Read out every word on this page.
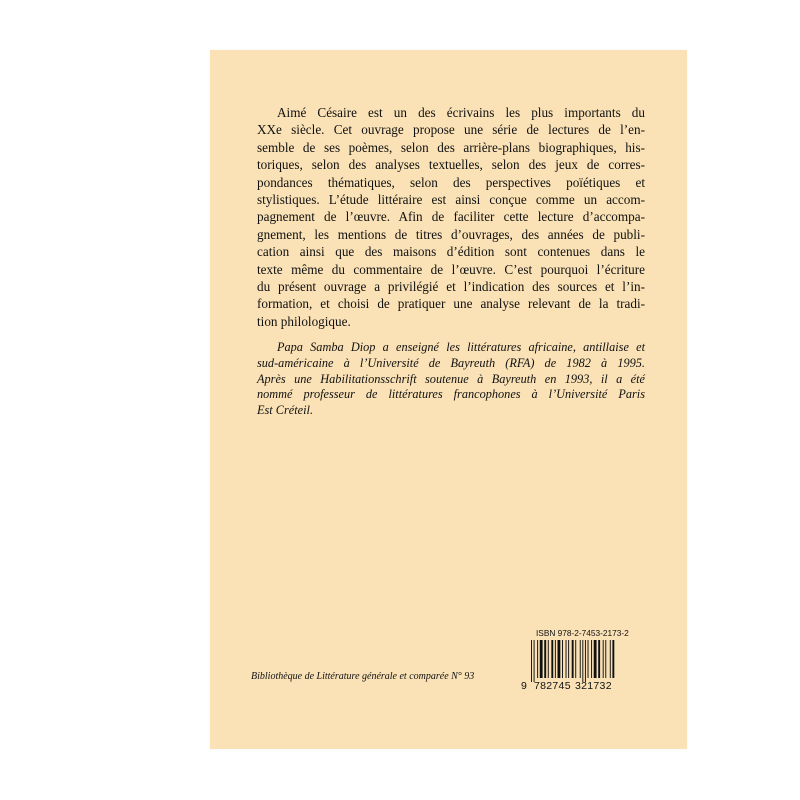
Aimé Césaire est un des écrivains les plus importants du
XXe siècle. Cet ouvrage propose une série de lectures de l’en-
semble de ses poèmes, selon des arrière-plans biographiques, his-
toriques, selon des analyses textuelles, selon des jeux de corres-
pondances thématiques, selon des perspectives poïétiques et
stylistiques. L’étude littéraire est ainsi conçue comme un accom-
pagnement de l’œuvre. Afin de faciliter cette lecture d’accompa-
gnement, les mentions de titres d’ouvrages, des années de publi-
cation ainsi que des maisons d’édition sont contenues dans le
texte même du commentaire de l’œuvre. C’est pourquoi l’écriture
du présent ouvrage a privilégié et l’indication des sources et l’in-
formation, et choisi de pratiquer une analyse relevant de la tradi-
tion philologique.
Papa Samba Diop a enseigné les littératures africaine, antillaise et
sud-américaine à l’Université de Bayreuth (RFA) de 1982 à 1995.
Après une Habilitationsschrift soutenue à Bayreuth en 1993, il a été
nommé professeur de littératures francophones à l’Université Paris
Est Créteil.
Bibliothèque de Littérature générale et comparée N° 93
ISBN 978-2-7453-2173-2
9 782745 321732
